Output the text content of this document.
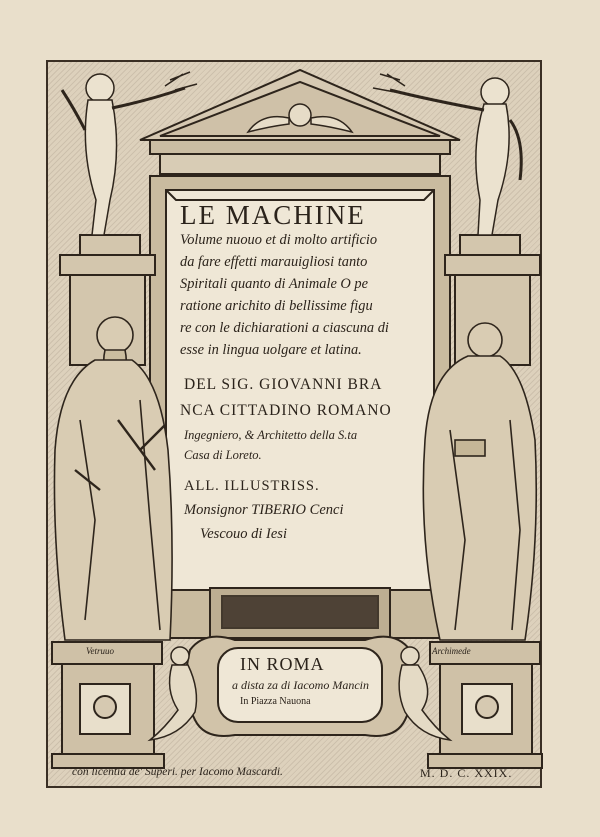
LE MACHINE
Volume nuouo et di molto artificio
da fare effetti marauigliosi tanto
Spiritali quanto di Animale O pe
ratione arichito di bellissime figu
re con le dichiarationi a ciascuna di
esse in lingua uolgare et latina.
DEL SIG. GIOVANNI BRA
NCA CITTADINO ROMANO
Ingegniero, & Architetto della S.ta
Casa di Loreto.
ALL. ILLUSTRISS.
Monsignor TIBERIO Cenci
Vescouo di Iesi
IN ROMA
a dista za di Iacomo Mancin
In Piazza Nauona
Vetruuo	Archimede
con licentia de' Superi. per Iacomo Mascardi.	M. D. C. XXIX.
